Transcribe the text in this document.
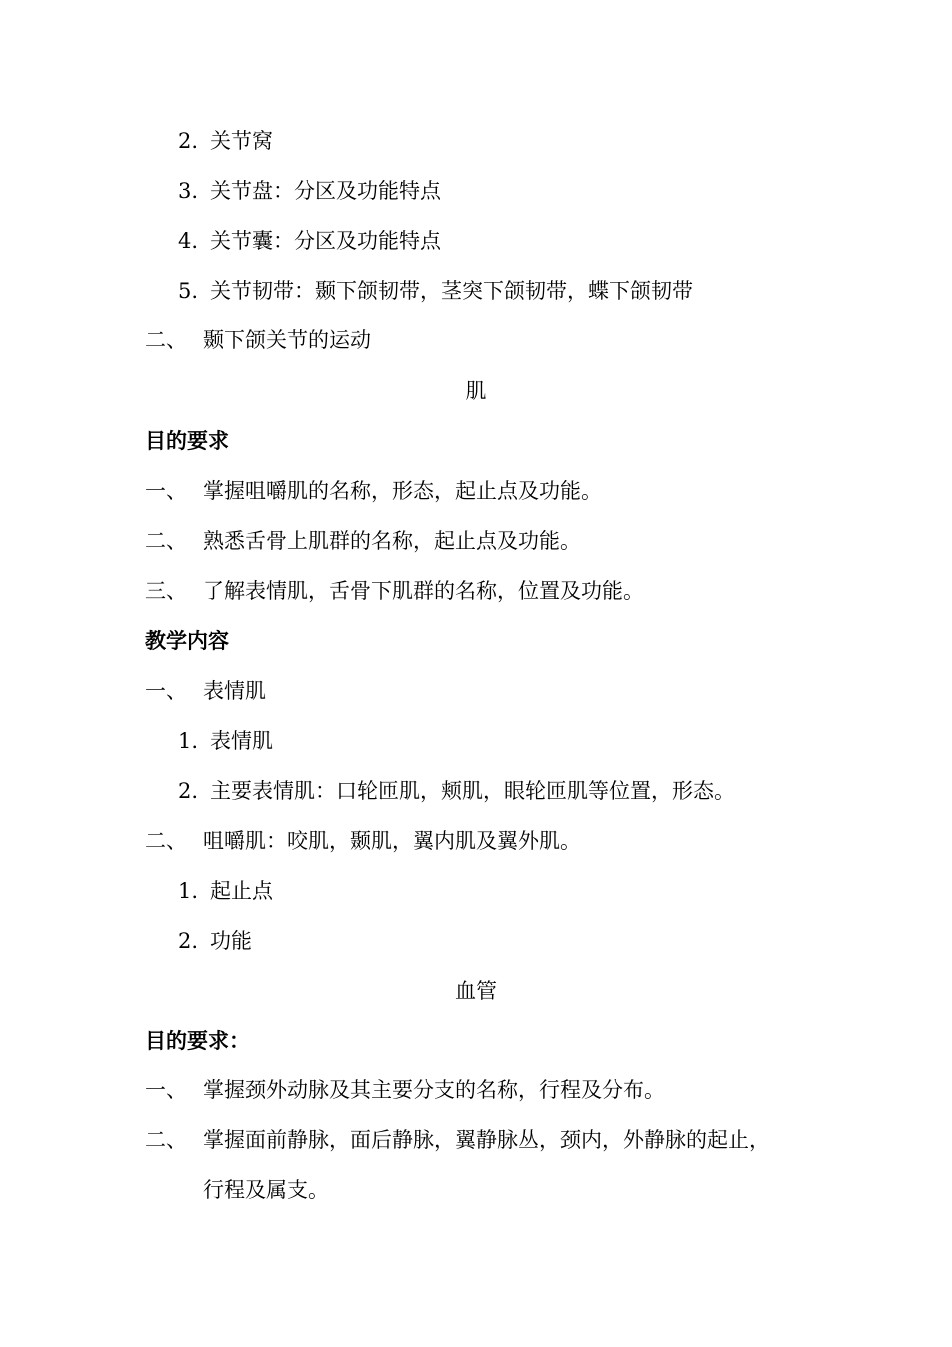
2. 关节窝
3. 关节盘：分区及功能特点
4. 关节囊：分区及功能特点
5. 关节韧带：颞下颌韧带，茎突下颌韧带，蝶下颌韧带
二、 颞下颌关节的运动
肌
目的要求
一、 掌握咀嚼肌的名称，形态，起止点及功能。
二、 熟悉舌骨上肌群的名称，起止点及功能。
三、 了解表情肌，舌骨下肌群的名称，位置及功能。
教学内容
一、 表情肌
1. 表情肌
2. 主要表情肌：口轮匝肌，颊肌，眼轮匝肌等位置，形态。
二、 咀嚼肌：咬肌，颞肌，翼内肌及翼外肌。
1. 起止点
2. 功能
血管
目的要求：
一、 掌握颈外动脉及其主要分支的名称，行程及分布。
二、 掌握面前静脉，面后静脉，翼静脉丛，颈内，外静脉的起止，
行程及属支。
